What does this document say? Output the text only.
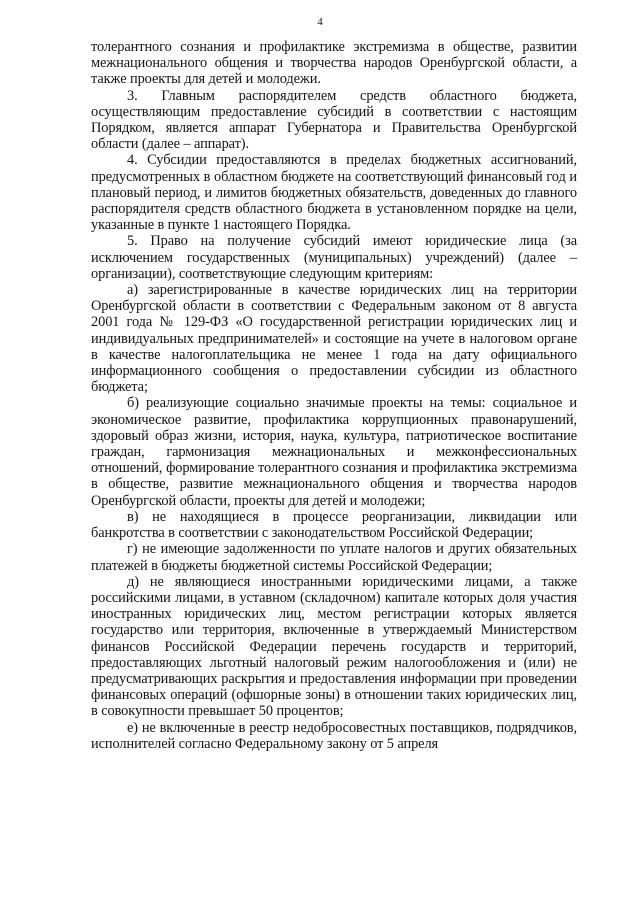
4

толерантного сознания и профилактике экстремизма в обществе, развитии межнационального общения и творчества народов Оренбургской области, а также проекты для детей и молодежи.

3. Главным распорядителем средств областного бюджета, осуществляющим предоставление субсидий в соответствии с настоящим Порядком, является аппарат Губернатора и Правительства Оренбургской области (далее – аппарат).

4. Субсидии предоставляются в пределах бюджетных ассигнований, предусмотренных в областном бюджете на соответствующий финансовый год и плановый период, и лимитов бюджетных обязательств, доведенных до главного распорядителя средств областного бюджета в установленном порядке на цели, указанные в пункте 1 настоящего Порядка.

5. Право на получение субсидий имеют юридические лица (за исключением государственных (муниципальных) учреждений) (далее – организации), соответствующие следующим критериям:

а) зарегистрированные в качестве юридических лиц на территории Оренбургской области в соответствии с Федеральным законом от 8 августа 2001 года № 129-ФЗ «О государственной регистрации юридических лиц и индивидуальных предпринимателей» и состоящие на учете в налоговом органе в качестве налогоплательщика не менее 1 года на дату официального информационного сообщения о предоставлении субсидии из областного бюджета;

б) реализующие социально значимые проекты на темы: социальное и экономическое развитие, профилактика коррупционных правонарушений, здоровый образ жизни, история, наука, культура, патриотическое воспитание граждан, гармонизация межнациональных и межконфессиональных отношений, формирование толерантного сознания и профилактика экстремизма в обществе, развитие межнационального общения и творчества народов Оренбургской области, проекты для детей и молодежи;

в) не находящиеся в процессе реорганизации, ликвидации или банкротства в соответствии с законодательством Российской Федерации;

г) не имеющие задолженности по уплате налогов и других обязательных платежей в бюджеты бюджетной системы Российской Федерации;

д) не являющиеся иностранными юридическими лицами, а также российскими лицами, в уставном (складочном) капитале которых доля участия иностранных юридических лиц, местом регистрации которых является государство или территория, включенные в утверждаемый Министерством финансов Российской Федерации перечень государств и территорий, предоставляющих льготный налоговый режим налогообложения и (или) не предусматривающих раскрытия и предоставления информации при проведении финансовых операций (офшорные зоны) в отношении таких юридических лиц, в совокупности превышает 50 процентов;

е) не включенные в реестр недобросовестных поставщиков, подрядчиков, исполнителей согласно Федеральному закону от 5 апреля
